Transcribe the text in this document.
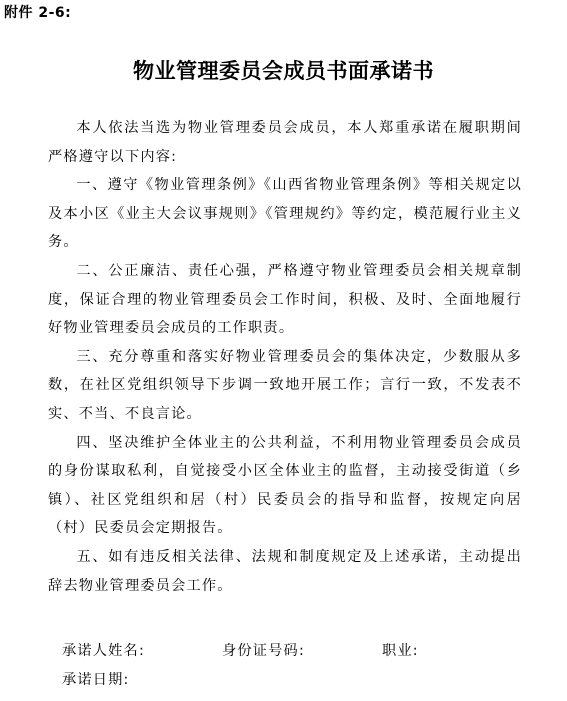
附件 2-6:
物业管理委员会成员书面承诺书

本人依法当选为物业管理委员会成员，本人郑重承诺在履职期间严格遵守以下内容:

一、遵守《物业管理条例》《山西省物业管理条例》等相关规定以及本小区《业主大会议事规则》《管理规约》等约定，模范履行业主义务。

二、公正廉洁、责任心强，严格遵守物业管理委员会相关规章制度，保证合理的物业管理委员会工作时间，积极、及时、全面地履行好物业管理委员会成员的工作职责。

三、充分尊重和落实好物业管理委员会的集体决定，少数服从多数，在社区党组织领导下步调一致地开展工作；言行一致，不发表不实、不当、不良言论。

四、坚决维护全体业主的公共利益，不利用物业管理委员会成员的身份谋取私利，自觉接受小区全体业主的监督，主动接受街道（乡镇）、社区党组织和居（村）民委员会的指导和监督，按规定向居（村）民委员会定期报告。

五、如有违反相关法律、法规和制度规定及上述承诺，主动提出辞去物业管理委员会工作。

承诺人姓名:	身份证号码:	职业:
承诺日期:
